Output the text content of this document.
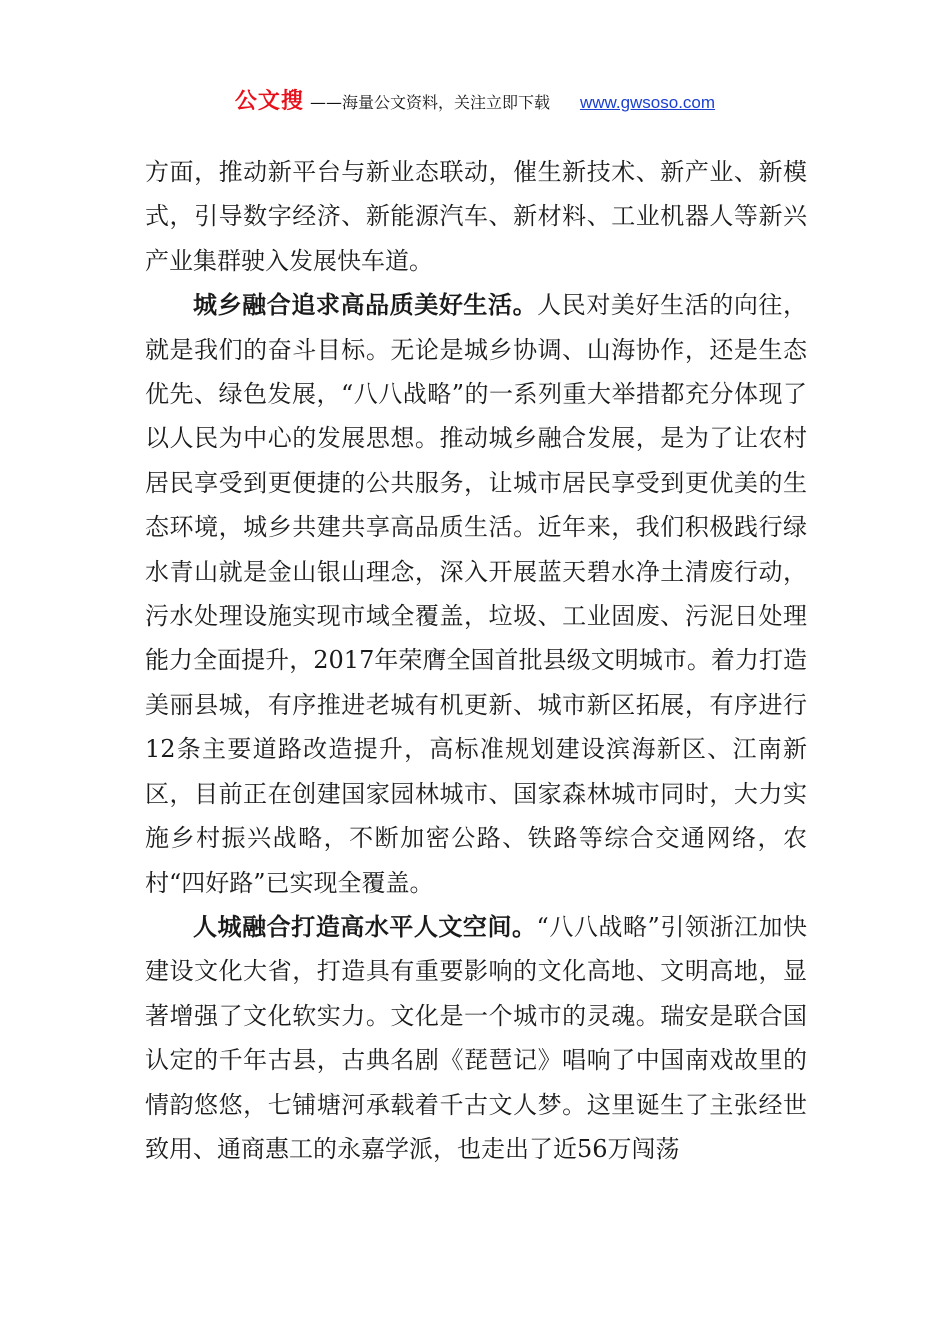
公文搜 ——海量公文资料，关注立即下载 www.gwsoso.com

方面，推动新平台与新业态联动，催生新技术、新产业、新模式，引导数字经济、新能源汽车、新材料、工业机器人等新兴产业集群驶入发展快车道。

城乡融合追求高品质美好生活。人民对美好生活的向往，就是我们的奋斗目标。无论是城乡协调、山海协作，还是生态优先、绿色发展，“八八战略”的一系列重大举措都充分体现了以人民为中心的发展思想。推动城乡融合发展，是为了让农村居民享受到更便捷的公共服务，让城市居民享受到更优美的生态环境，城乡共建共享高品质生活。近年来，我们积极践行绿水青山就是金山银山理念，深入开展蓝天碧水净土清废行动，污水处理设施实现市域全覆盖，垃圾、工业固废、污泥日处理能力全面提升，2017年荣膺全国首批县级文明城市。着力打造美丽县城，有序推进老城有机更新、城市新区拓展，有序进行12条主要道路改造提升，高标准规划建设滨海新区、江南新区，目前正在创建国家园林城市、国家森林城市同时，大力实施乡村振兴战略，不断加密公路、铁路等综合交通网络，农村“四好路”已实现全覆盖。

人城融合打造高水平人文空间。“八八战略”引领浙江加快建设文化大省，打造具有重要影响的文化高地、文明高地，显著增强了文化软实力。文化是一个城市的灵魂。瑞安是联合国认定的千年古县，古典名剧《琵琶记》唱响了中国南戏故里的情韵悠悠，七铺塘河承载着千古文人梦。这里诞生了主张经世致用、通商惠工的永嘉学派，也走出了近56万闯荡
